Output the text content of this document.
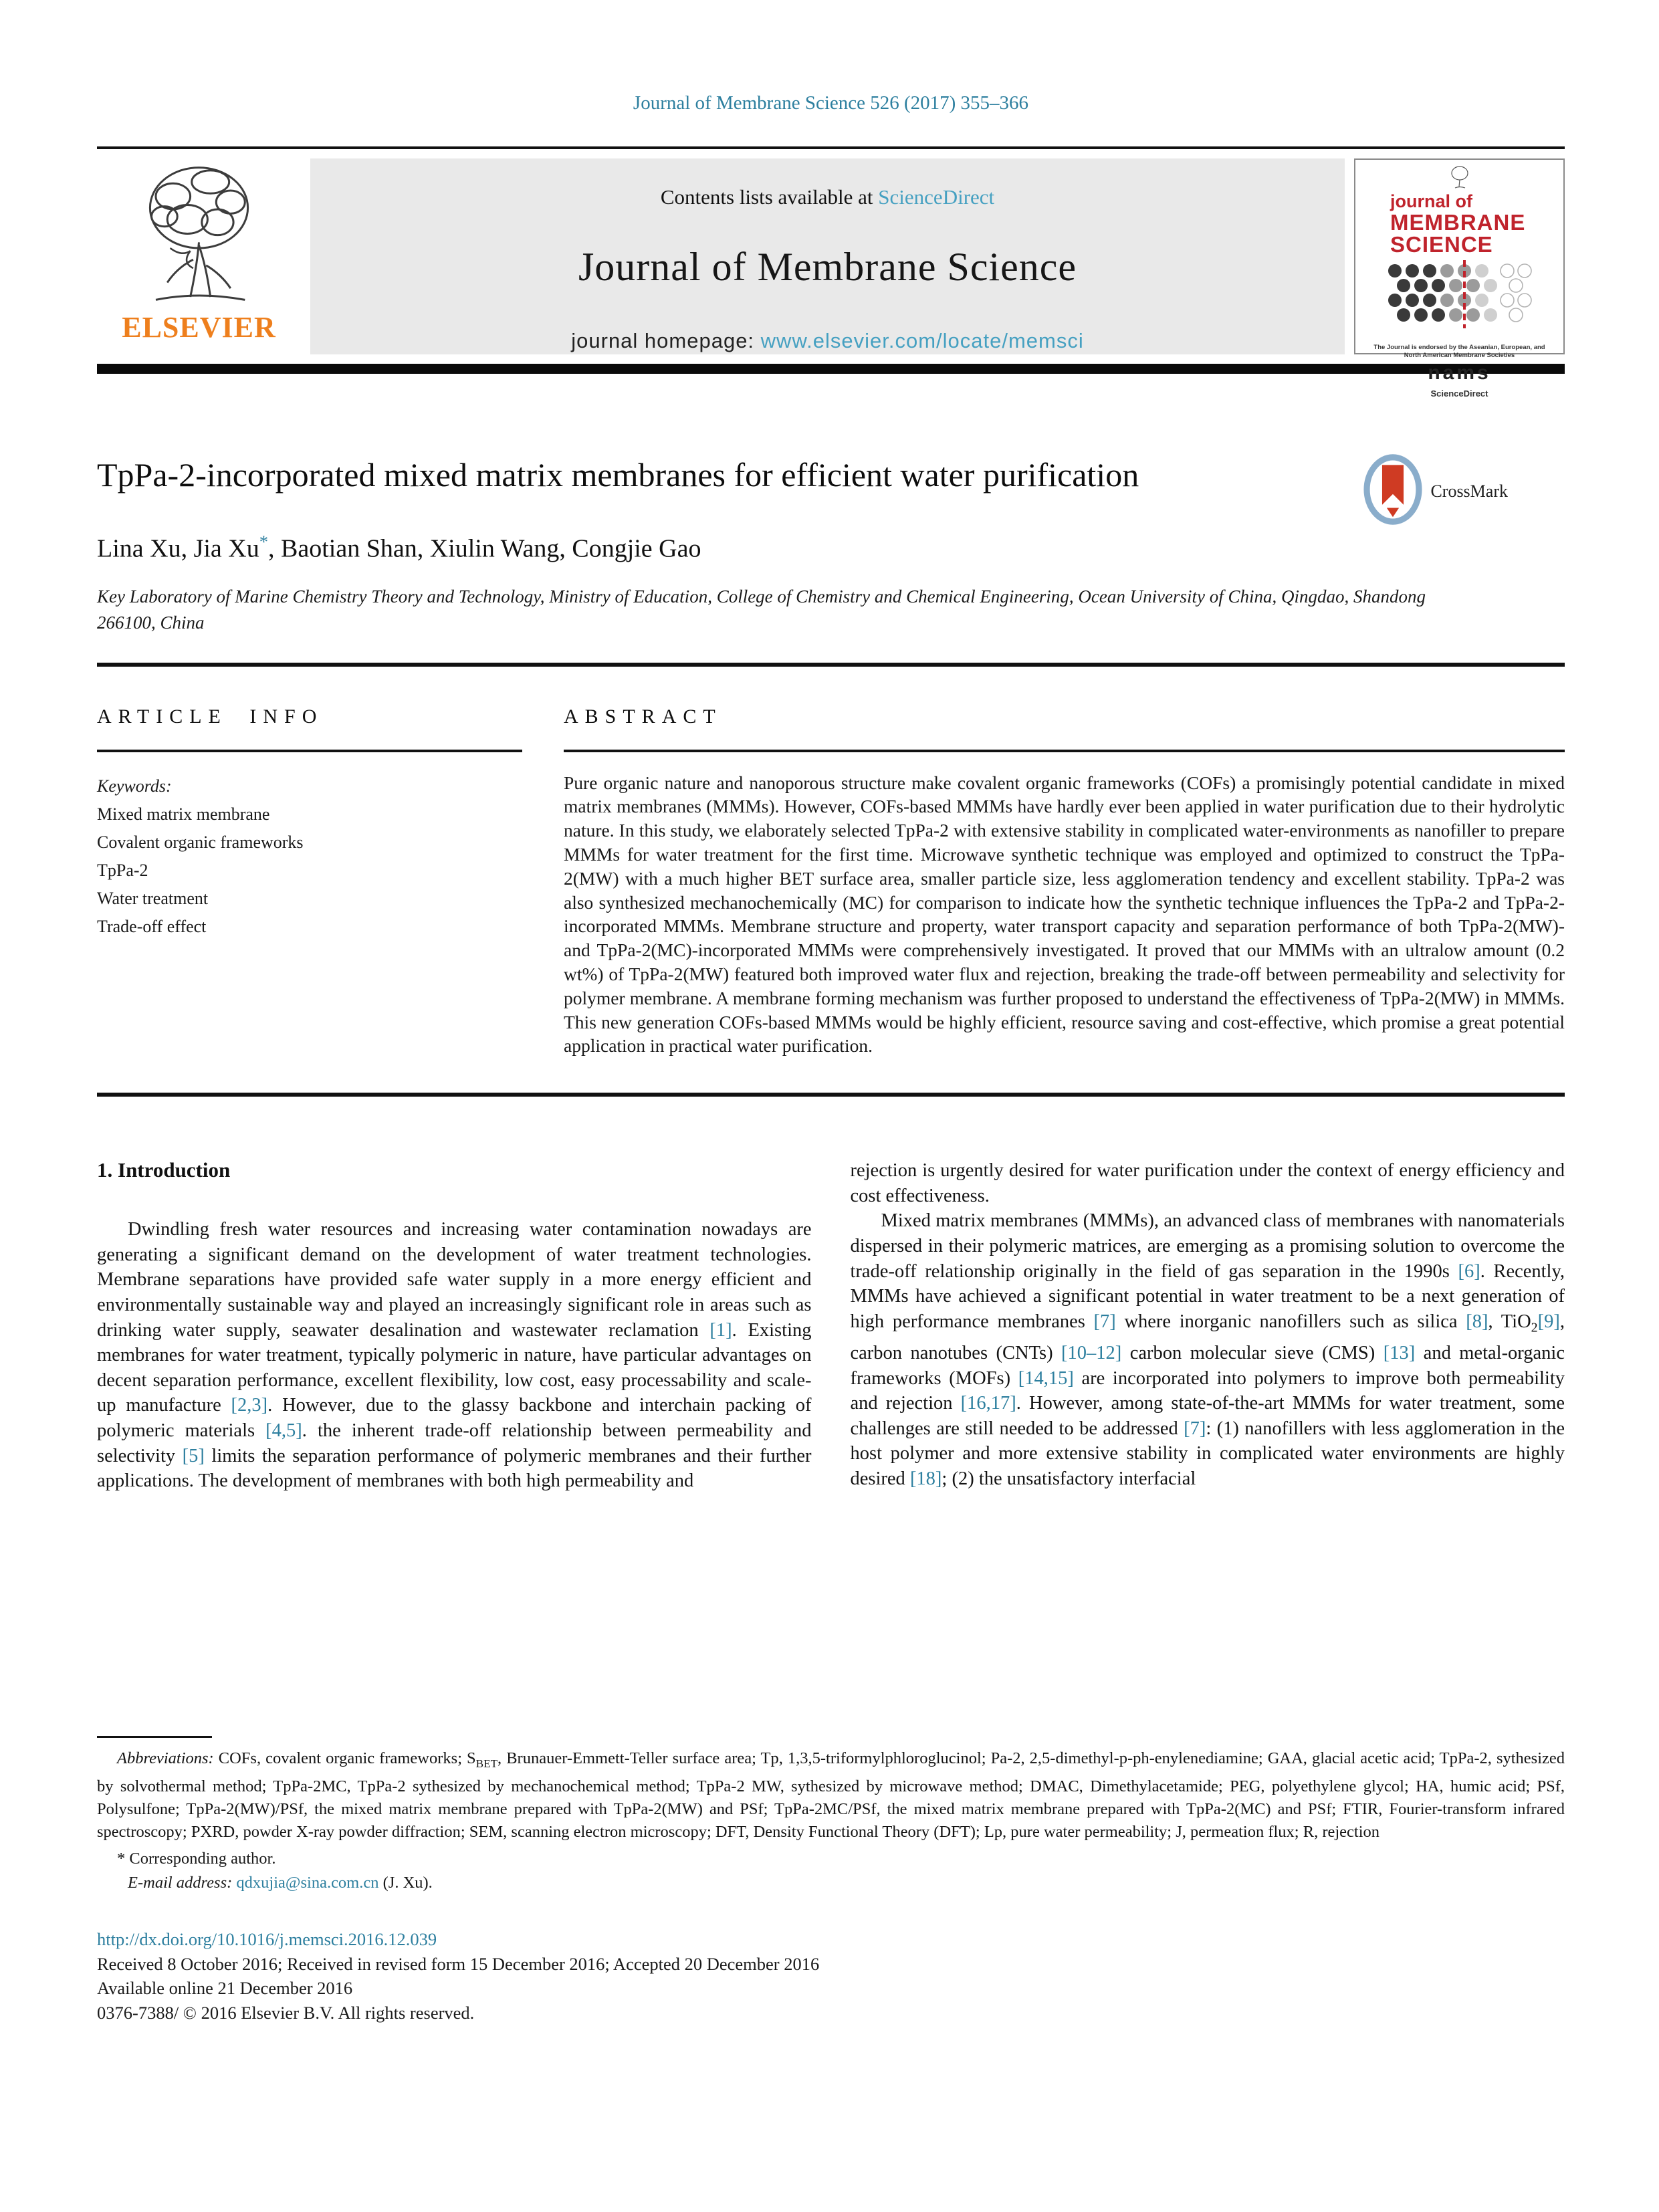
Journal of Membrane Science 526 (2017) 355–366
ELSEVIER
Contents lists available at ScienceDirect
Journal of Membrane Science
journal homepage: www.elsevier.com/locate/memsci
journal of
MEMBRANE
SCIENCE
The Journal is endorsed by the Aseanian, European, and
North American Membrane Societies
nams
ScienceDirect
TpPa-2-incorporated mixed matrix membranes for efficient water purification	CrossMark
Lina Xu, Jia Xu*, Baotian Shan, Xiulin Wang, Congjie Gao
Key Laboratory of Marine Chemistry Theory and Technology, Ministry of Education, College of Chemistry and Chemical Engineering, Ocean University of China, Qingdao, Shandong 266100, China
ARTICLE INFO
Keywords:
Mixed matrix membrane
Covalent organic frameworks
TpPa-2
Water treatment
Trade-off effect
ABSTRACT
Pure organic nature and nanoporous structure make covalent organic frameworks (COFs) a promisingly potential candidate in mixed matrix membranes (MMMs). However, COFs-based MMMs have hardly ever been applied in water purification due to their hydrolytic nature. In this study, we elaborately selected TpPa-2 with extensive stability in complicated water-environments as nanofiller to prepare MMMs for water treatment for the first time. Microwave synthetic technique was employed and optimized to construct the TpPa-2(MW) with a much higher BET surface area, smaller particle size, less agglomeration tendency and excellent stability. TpPa-2 was also synthesized mechanochemically (MC) for comparison to indicate how the synthetic technique influences the TpPa-2 and TpPa-2-incorporated MMMs. Membrane structure and property, water transport capacity and separation performance of both TpPa-2(MW)- and TpPa-2(MC)-incorporated MMMs were comprehensively investigated. It proved that our MMMs with an ultralow amount (0.2 wt%) of TpPa-2(MW) featured both improved water flux and rejection, breaking the trade-off between permeability and selectivity for polymer membrane. A membrane forming mechanism was further proposed to understand the effectiveness of TpPa-2(MW) in MMMs. This new generation COFs-based MMMs would be highly efficient, resource saving and cost-effective, which promise a great potential application in practical water purification.
1. Introduction
Dwindling fresh water resources and increasing water contamination nowadays are generating a significant demand on the development of water treatment technologies. Membrane separations have provided safe water supply in a more energy efficient and environmentally sustainable way and played an increasingly significant role in areas such as drinking water supply, seawater desalination and wastewater reclamation [1]. Existing membranes for water treatment, typically polymeric in nature, have particular advantages on decent separation performance, excellent flexibility, low cost, easy processability and scale-up manufacture [2,3]. However, due to the glassy backbone and interchain packing of polymeric materials [4,5]. the inherent trade-off relationship between permeability and selectivity [5] limits the separation performance of polymeric membranes and their further applications. The development of membranes with both high permeability and
rejection is urgently desired for water purification under the context of energy efficiency and cost effectiveness.
Mixed matrix membranes (MMMs), an advanced class of membranes with nanomaterials dispersed in their polymeric matrices, are emerging as a promising solution to overcome the trade-off relationship originally in the field of gas separation in the 1990s [6]. Recently, MMMs have achieved a significant potential in water treatment to be a next generation of high performance membranes [7] where inorganic nanofillers such as silica [8], TiO$_2$[9], carbon nanotubes (CNTs) [10–12] carbon molecular sieve (CMS) [13] and metal-organic frameworks (MOFs) [14,15] are incorporated into polymers to improve both permeability and rejection [16,17]. However, among state-of-the-art MMMs for water treatment, some challenges are still needed to be addressed [7]: (1) nanofillers with less agglomeration in the host polymer and more extensive stability in complicated water environments are highly desired [18]; (2) the unsatisfactory interfacial
Abbreviations: COFs, covalent organic frameworks; $S_{BET}$, Brunauer-Emmett-Teller surface area; Tp, 1,3,5-triformylphloroglucinol; Pa-2, 2,5-dimethyl-p-ph-enylenediamine; GAA, glacial acetic acid; TpPa-2, sythesized by solvothermal method; TpPa-2MC, TpPa-2 sythesized by mechanochemical method; TpPa-2 MW, sythesized by microwave method; DMAC, Dimethylacetamide; PEG, polyethylene glycol; HA, humic acid; PSf, Polysulfone; TpPa-2(MW)/PSf, the mixed matrix membrane prepared with TpPa-2(MW) and PSf; TpPa-2MC/PSf, the mixed matrix membrane prepared with TpPa-2(MC) and PSf; FTIR, Fourier-transform infrared spectroscopy; PXRD, powder X-ray powder diffraction; SEM, scanning electron microscopy; DFT, Density Functional Theory (DFT); Lp, pure water permeability; J, permeation flux; R, rejection
* Corresponding author.
E-mail address: qdxujia@sina.com.cn (J. Xu).
http://dx.doi.org/10.1016/j.memsci.2016.12.039
Received 8 October 2016; Received in revised form 15 December 2016; Accepted 20 December 2016
Available online 21 December 2016
0376-7388/ © 2016 Elsevier B.V. All rights reserved.
